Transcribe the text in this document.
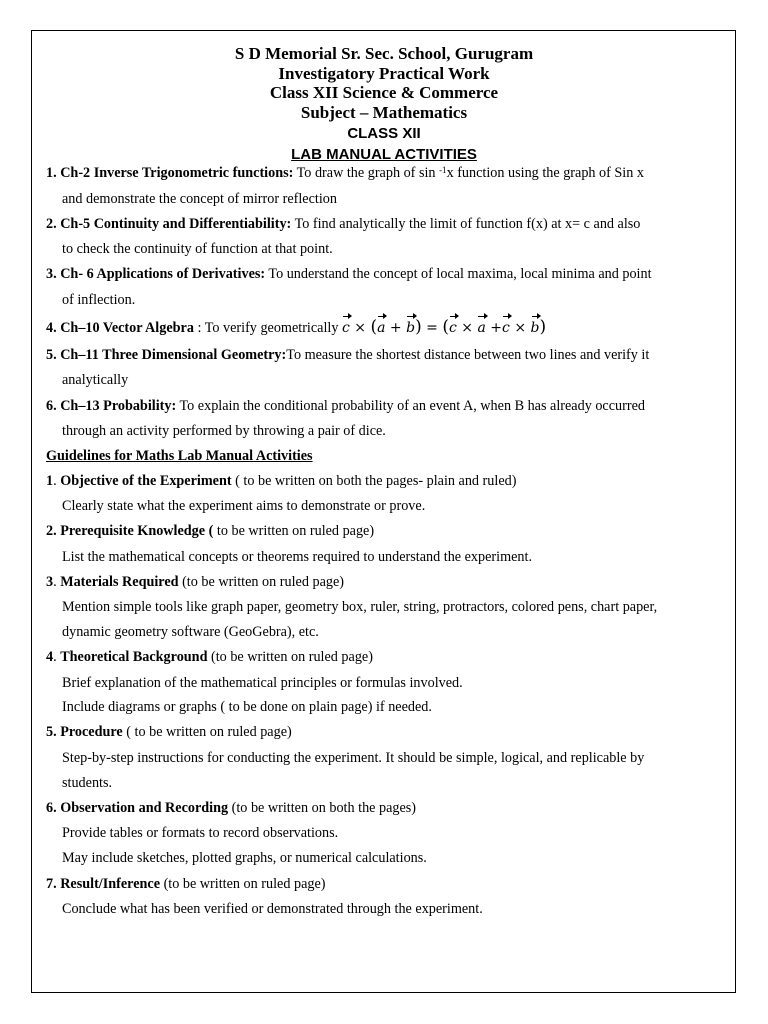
S D Memorial Sr. Sec. School, Gurugram
Investigatory Practical Work
Class XII Science & Commerce
Subject – Mathematics
CLASS XII
LAB MANUAL ACTIVITIES
1. Ch-2 Inverse Trigonometric functions: To draw the graph of sin $^{-1}$x function using the graph of Sin x
and demonstrate the concept of mirror reflection
2. Ch-5 Continuity and Differentiability: To find analytically the limit of function f(x) at x= c and also
to check the continuity of function at that point.
3. Ch- 6 Applications of Derivatives: To understand the concept of local maxima, local minima and point
of inflection.
4. Ch–10 Vector Algebra : To verify geometrically c × (a + b) = (c × a +c × b)
5. Ch–11 Three Dimensional Geometry:To measure the shortest distance between two lines and verify it
analytically
6. Ch–13 Probability: To explain the conditional probability of an event A, when B has already occurred
through an activity performed by throwing a pair of dice.
Guidelines for Maths Lab Manual Activities
1. Objective of the Experiment ( to be written on both the pages- plain and ruled)
Clearly state what the experiment aims to demonstrate or prove.
2. Prerequisite Knowledge ( to be written on ruled page)
List the mathematical concepts or theorems required to understand the experiment.
3. Materials Required (to be written on ruled page)
Mention simple tools like graph paper, geometry box, ruler, string, protractors, colored pens, chart paper,
dynamic geometry software (GeoGebra), etc.
4. Theoretical Background (to be written on ruled page)
Brief explanation of the mathematical principles or formulas involved.
Include diagrams or graphs ( to be done on plain page) if needed.
5. Procedure ( to be written on ruled page)
Step-by-step instructions for conducting the experiment. It should be simple, logical, and replicable by
students.
6. Observation and Recording (to be written on both the pages)
Provide tables or formats to record observations.
May include sketches, plotted graphs, or numerical calculations.
7. Result/Inference (to be written on ruled page)
Conclude what has been verified or demonstrated through the experiment.
